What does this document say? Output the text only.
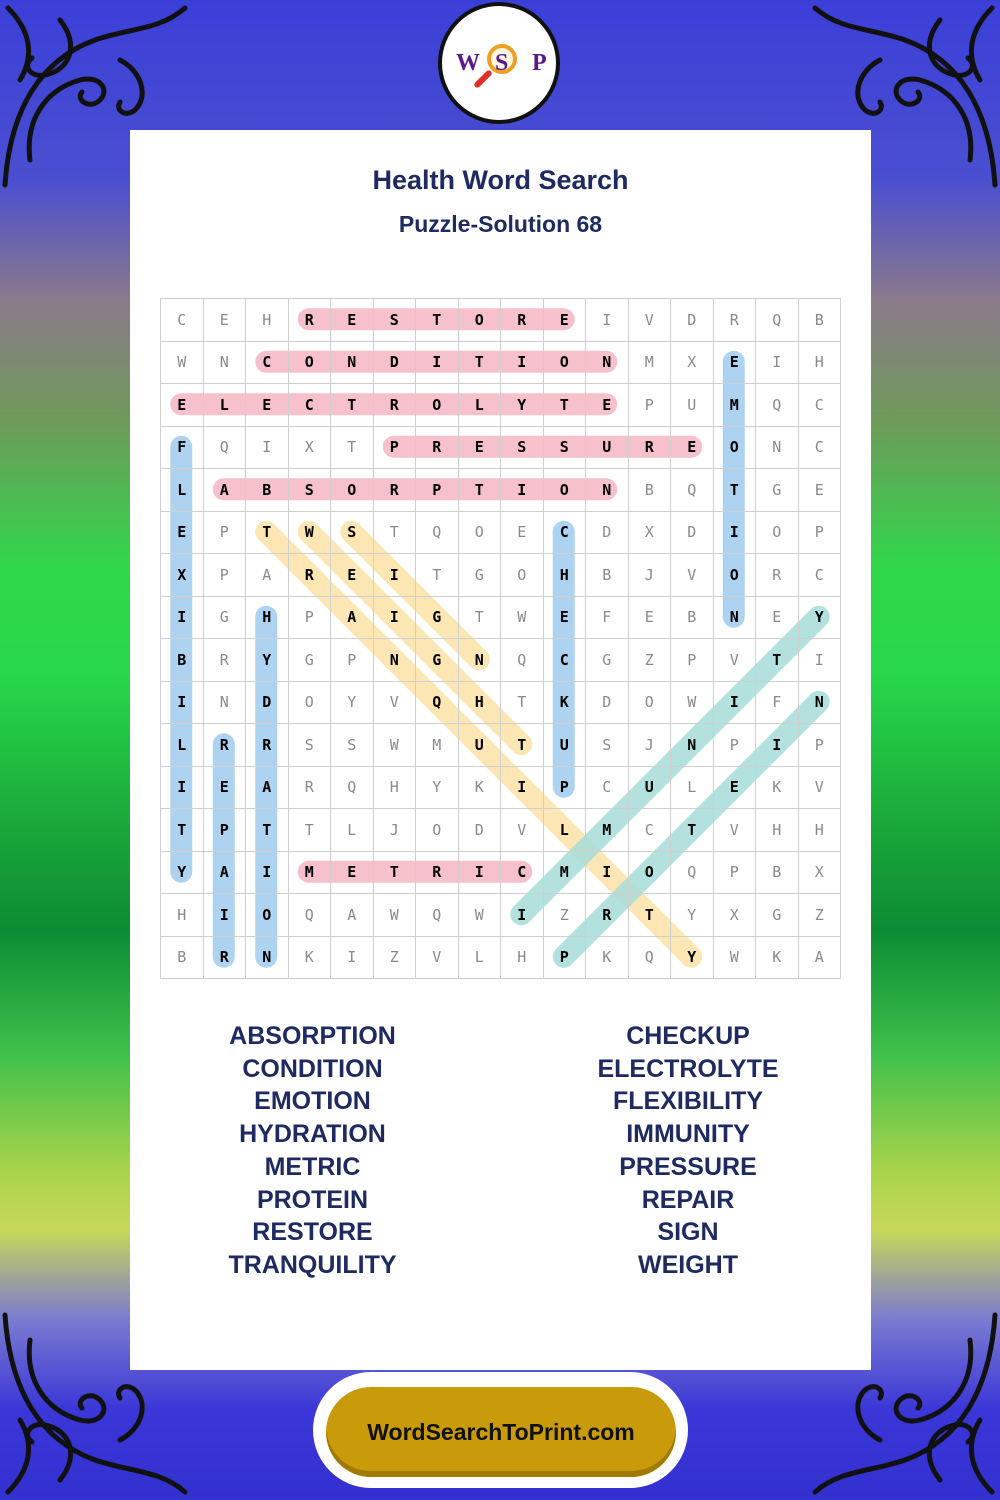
W S P
Health Word Search
Puzzle-Solution 68
C	E	H	R	E	S	T	O	R	E	I	V	D	R	Q	B
W	N	C	O	N	D	I	T	I	O	N	M	X	E	I	H
E	L	E	C	T	R	O	L	Y	T	E	P	U	M	Q	C
F	Q	I	X	T	P	R	E	S	S	U	R	E	O	N	C
L	A	B	S	O	R	P	T	I	O	N	B	Q	T	G	E
E	P	T	W	S	T	Q	O	E	C	D	X	D	I	O	P
X	P	A	R	E	I	T	G	O	H	B	J	V	O	R	C
I	G	H	P	A	I	G	T	W	E	F	E	B	N	E	Y
B	R	Y	G	P	N	G	N	Q	C	G	Z	P	V	T	I
I	N	D	O	Y	V	Q	H	T	K	D	O	W	I	F	N
L	R	R	S	S	W	M	U	T	U	S	J	N	P	I	P
I	E	A	R	Q	H	Y	K	I	P	C	U	L	E	K	V
T	P	T	T	L	J	O	D	V	L	M	C	T	V	H	H
Y	A	I	M	E	T	R	I	C	M	I	O	Q	P	B	X
H	I	O	Q	A	W	Q	W	I	Z	R	T	Y	X	G	Z
B	R	N	K	I	Z	V	L	H	P	K	Q	Y	W	K	A
ABSORPTION
CONDITION
EMOTION
HYDRATION
METRIC
PROTEIN
RESTORE
TRANQUILITY
CHECKUP
ELECTROLYTE
FLEXIBILITY
IMMUNITY
PRESSURE
REPAIR
SIGN
WEIGHT
WordSearchToPrint.com
